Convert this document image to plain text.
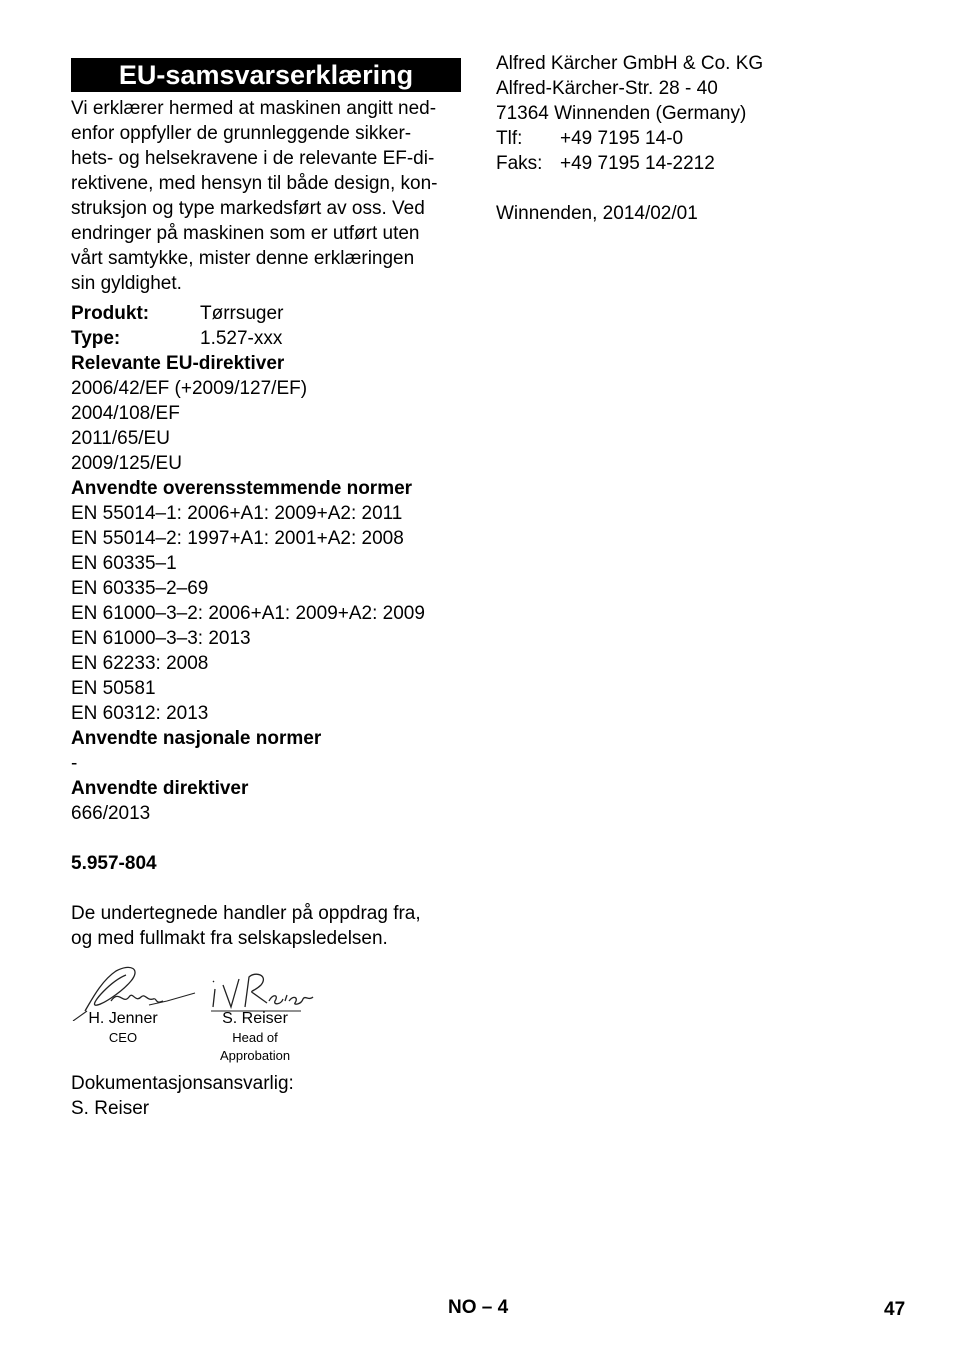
EU-samsvarserklæring
Vi erklærer hermed at maskinen angitt ned-
enfor oppfyller de grunnleggende sikker-
hets- og helsekravene i de relevante EF-di-
rektivene, med hensyn til både design, kon-
struksjon og type markedsført av oss. Ved
endringer på maskinen som er utført uten
vårt samtykke, mister denne erklæringen
sin gyldighet.
Produkt:	Tørrsuger
Type:	1.527-xxx
Relevante EU-direktiver
2006/42/EF (+2009/127/EF)
2004/108/EF
2011/65/EU
2009/125/EU
Anvendte overensstemmende normer
EN 55014–1: 2006+A1: 2009+A2: 2011
EN 55014–2: 1997+A1: 2001+A2: 2008
EN 60335–1
EN 60335–2–69
EN 61000–3–2: 2006+A1: 2009+A2: 2009
EN 61000–3–3: 2013
EN 62233: 2008
EN 50581
EN 60312: 2013
Anvendte nasjonale normer
-
Anvendte direktiver
666/2013
5.957-804
De undertegnede handler på oppdrag fra,
og med fullmakt fra selskapsledelsen.
H. Jenner
CEO
S. Reiser
Head of Approbation
Dokumentasjonsansvarlig:
S. Reiser
Alfred Kärcher GmbH & Co. KG
Alfred-Kärcher-Str. 28 - 40
71364 Winnenden (Germany)
Tlf:	+49 7195 14-0
Faks: +49 7195 14-2212
Winnenden, 2014/02/01
NO – 4	47
